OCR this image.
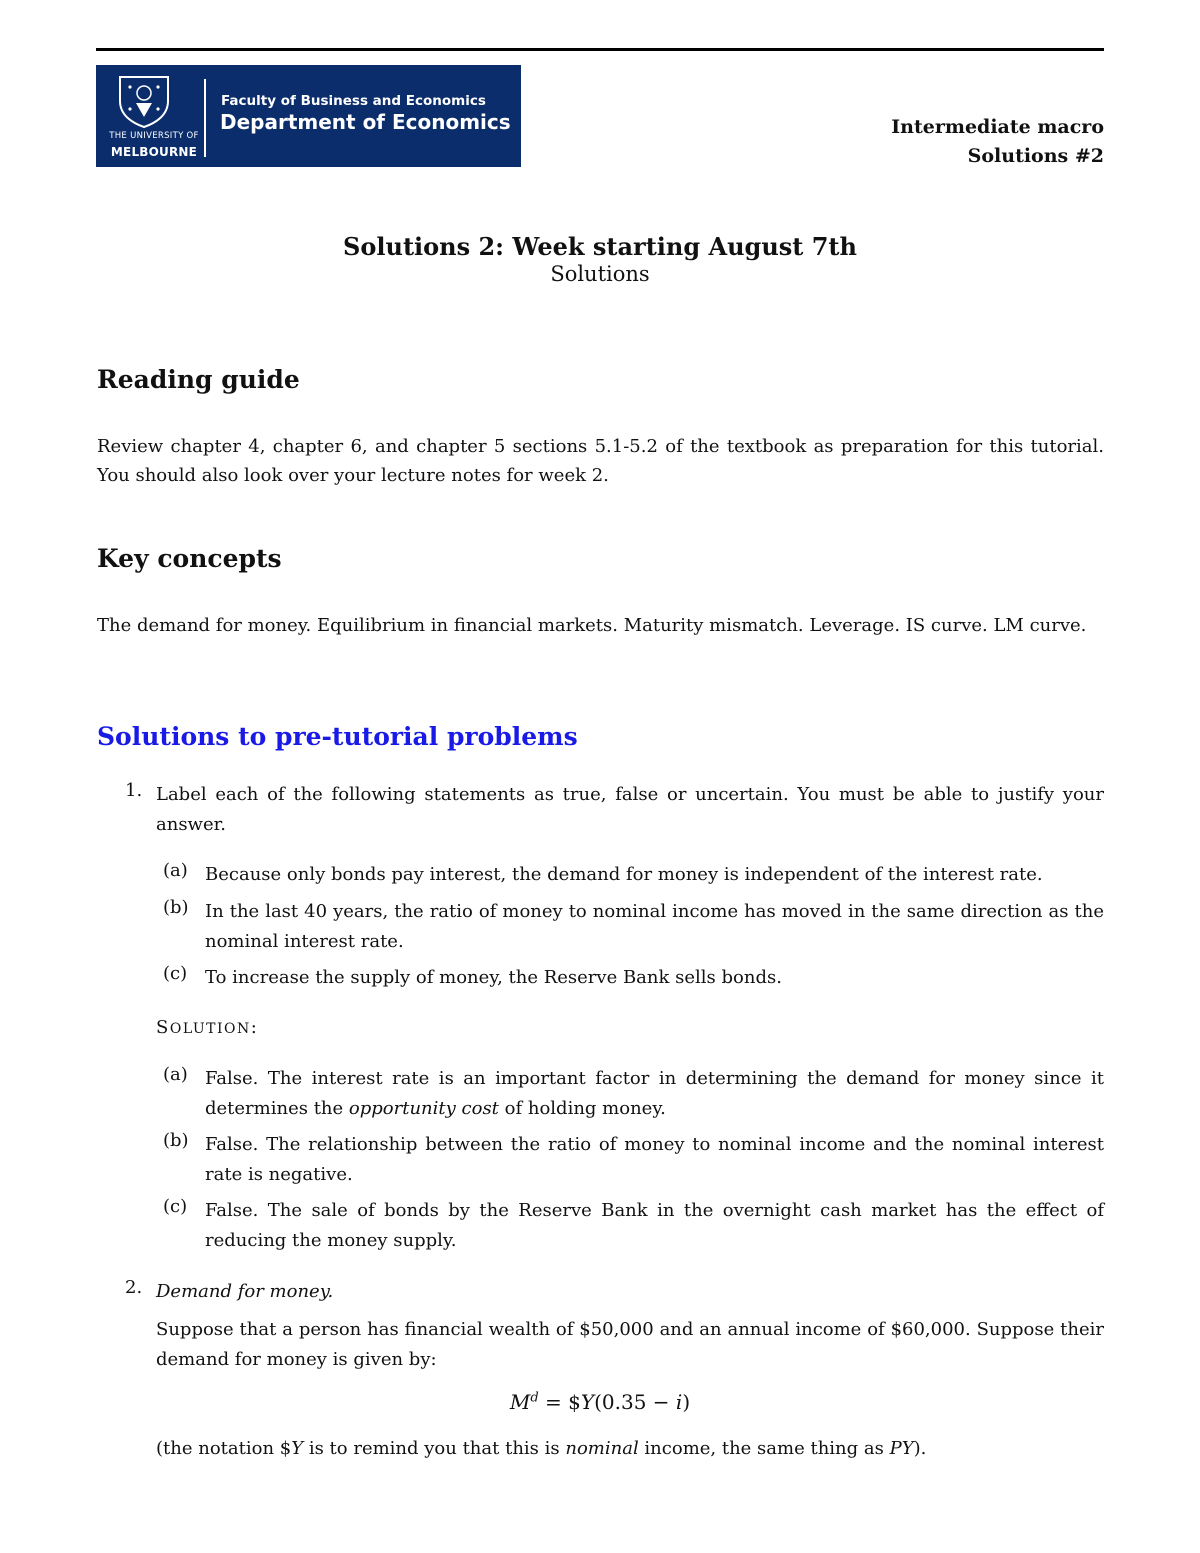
THE UNIVERSITY OF
MELBOURNE
Faculty of Business and Economics
Department of Economics	Intermediate macro
Solutions #2
Solutions 2: Week starting August 7th
Solutions
Reading guide
Review chapter 4, chapter 6, and chapter 5 sections 5.1-5.2 of the textbook as preparation for this tutorial. You should also look over your lecture notes for week 2.
Key concepts
The demand for money. Equilibrium in financial markets. Maturity mismatch. Leverage. IS curve. LM curve.
Solutions to pre-tutorial problems
1. Label each of the following statements as true, false or uncertain. You must be able to justify your answer.
(a) Because only bonds pay interest, the demand for money is independent of the interest rate.
(b) In the last 40 years, the ratio of money to nominal income has moved in the same direction as the nominal interest rate.
(c) To increase the supply of money, the Reserve Bank sells bonds.
SOLUTION:
(a) False. The interest rate is an important factor in determining the demand for money since it determines the opportunity cost of holding money.
(b) False. The relationship between the ratio of money to nominal income and the nominal interest rate is negative.
(c) False. The sale of bonds by the Reserve Bank in the overnight cash market has the effect of reducing the money supply.
2. Demand for money.
Suppose that a person has financial wealth of $50,000 and an annual income of $60,000. Suppose their demand for money is given by:
$M^d$ = $Y(0.35 − i)
(the notation $Y is to remind you that this is nominal income, the same thing as PY).
